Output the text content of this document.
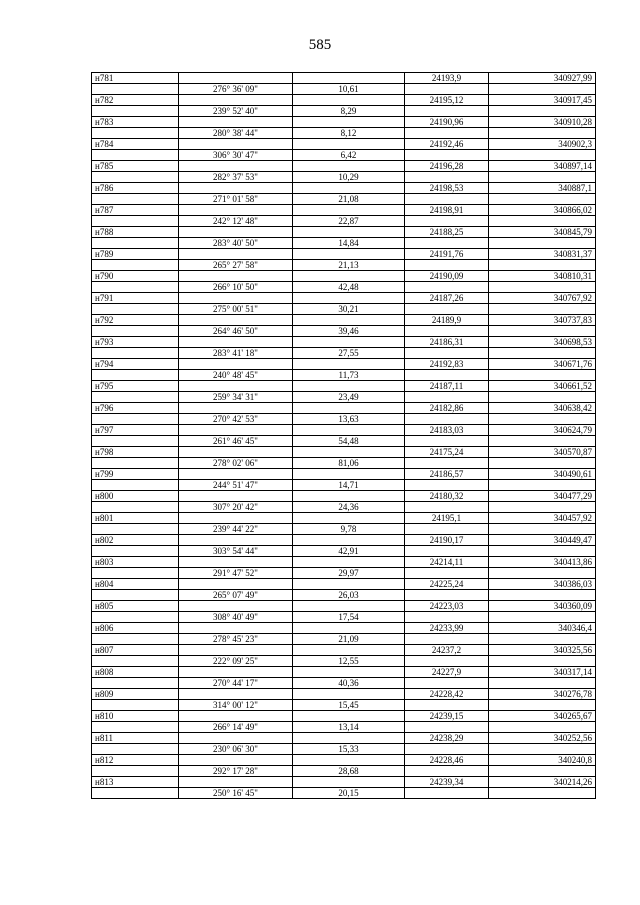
585
н781			24193,9	340927,99
	276° 36' 09"	10,61		
н782			24195,12	340917,45
	239° 52' 40"	8,29		
н783			24190,96	340910,28
	280° 38' 44"	8,12		
н784			24192,46	340902,3
	306° 30' 47"	6,42		
н785			24196,28	340897,14
	282° 37' 53"	10,29		
н786			24198,53	340887,1
	271° 01' 58"	21,08		
н787			24198,91	340866,02
	242° 12' 48"	22,87		
н788			24188,25	340845,79
	283° 40' 50"	14,84		
н789			24191,76	340831,37
	265° 27' 58"	21,13		
н790			24190,09	340810,31
	266° 10' 50"	42,48		
н791			24187,26	340767,92
	275° 00' 51"	30,21		
н792			24189,9	340737,83
	264° 46' 50"	39,46		
н793			24186,31	340698,53
	283° 41' 18"	27,55		
н794			24192,83	340671,76
	240° 48' 45"	11,73		
н795			24187,11	340661,52
	259° 34' 31"	23,49		
н796			24182,86	340638,42
	270° 42' 53"	13,63		
н797			24183,03	340624,79
	261° 46' 45"	54,48		
н798			24175,24	340570,87
	278° 02' 06"	81,06		
н799			24186,57	340490,61
	244° 51' 47"	14,71		
н800			24180,32	340477,29
	307° 20' 42"	24,36		
н801			24195,1	340457,92
	239° 44' 22"	9,78		
н802			24190,17	340449,47
	303° 54' 44"	42,91		
н803			24214,11	340413,86
	291° 47' 52"	29,97		
н804			24225,24	340386,03
	265° 07' 49"	26,03		
н805			24223,03	340360,09
	308° 40' 49"	17,54		
н806			24233,99	340346,4
	278° 45' 23"	21,09		
н807			24237,2	340325,56
	222° 09' 25"	12,55		
н808			24227,9	340317,14
	270° 44' 17"	40,36		
н809			24228,42	340276,78
	314° 00' 12"	15,45		
н810			24239,15	340265,67
	266° 14' 49"	13,14		
н811			24238,29	340252,56
	230° 06' 30"	15,33		
н812			24228,46	340240,8
	292° 17' 28"	28,68		
н813			24239,34	340214,26
	250° 16' 45"	20,15		
